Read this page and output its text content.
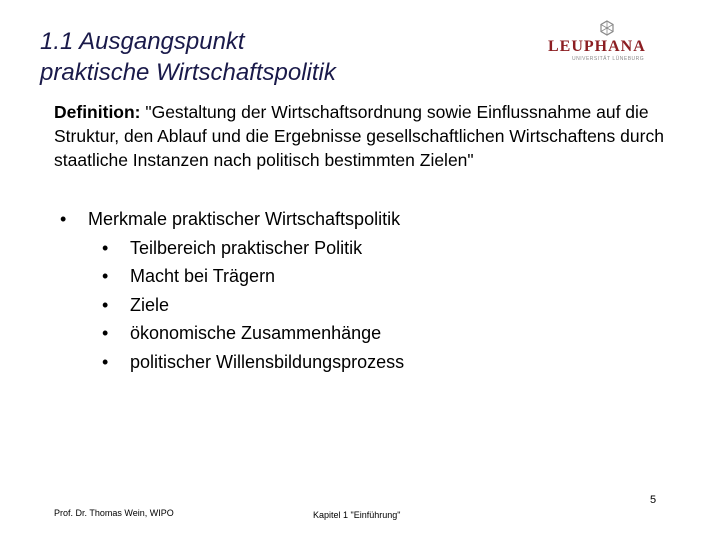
1.1 Ausgangspunkt
praktische Wirtschaftspolitik
LEUPHANA
UNIVERSITÄT LÜNEBURG
Definition: "Gestaltung der Wirtschaftsordnung sowie Einflussnahme auf die Struktur, den Ablauf und die Ergebnisse gesellschaftlichen Wirtschaftens durch staatliche Instanzen nach politisch bestimmten Zielen"
• Merkmale praktischer Wirtschaftspolitik
• Teilbereich praktischer Politik
• Macht bei Trägern
• Ziele
• ökonomische Zusammenhänge
• politischer Willensbildungsprozess
5
Prof. Dr. Thomas Wein, WIPO	Kapitel 1 "Einführung"
